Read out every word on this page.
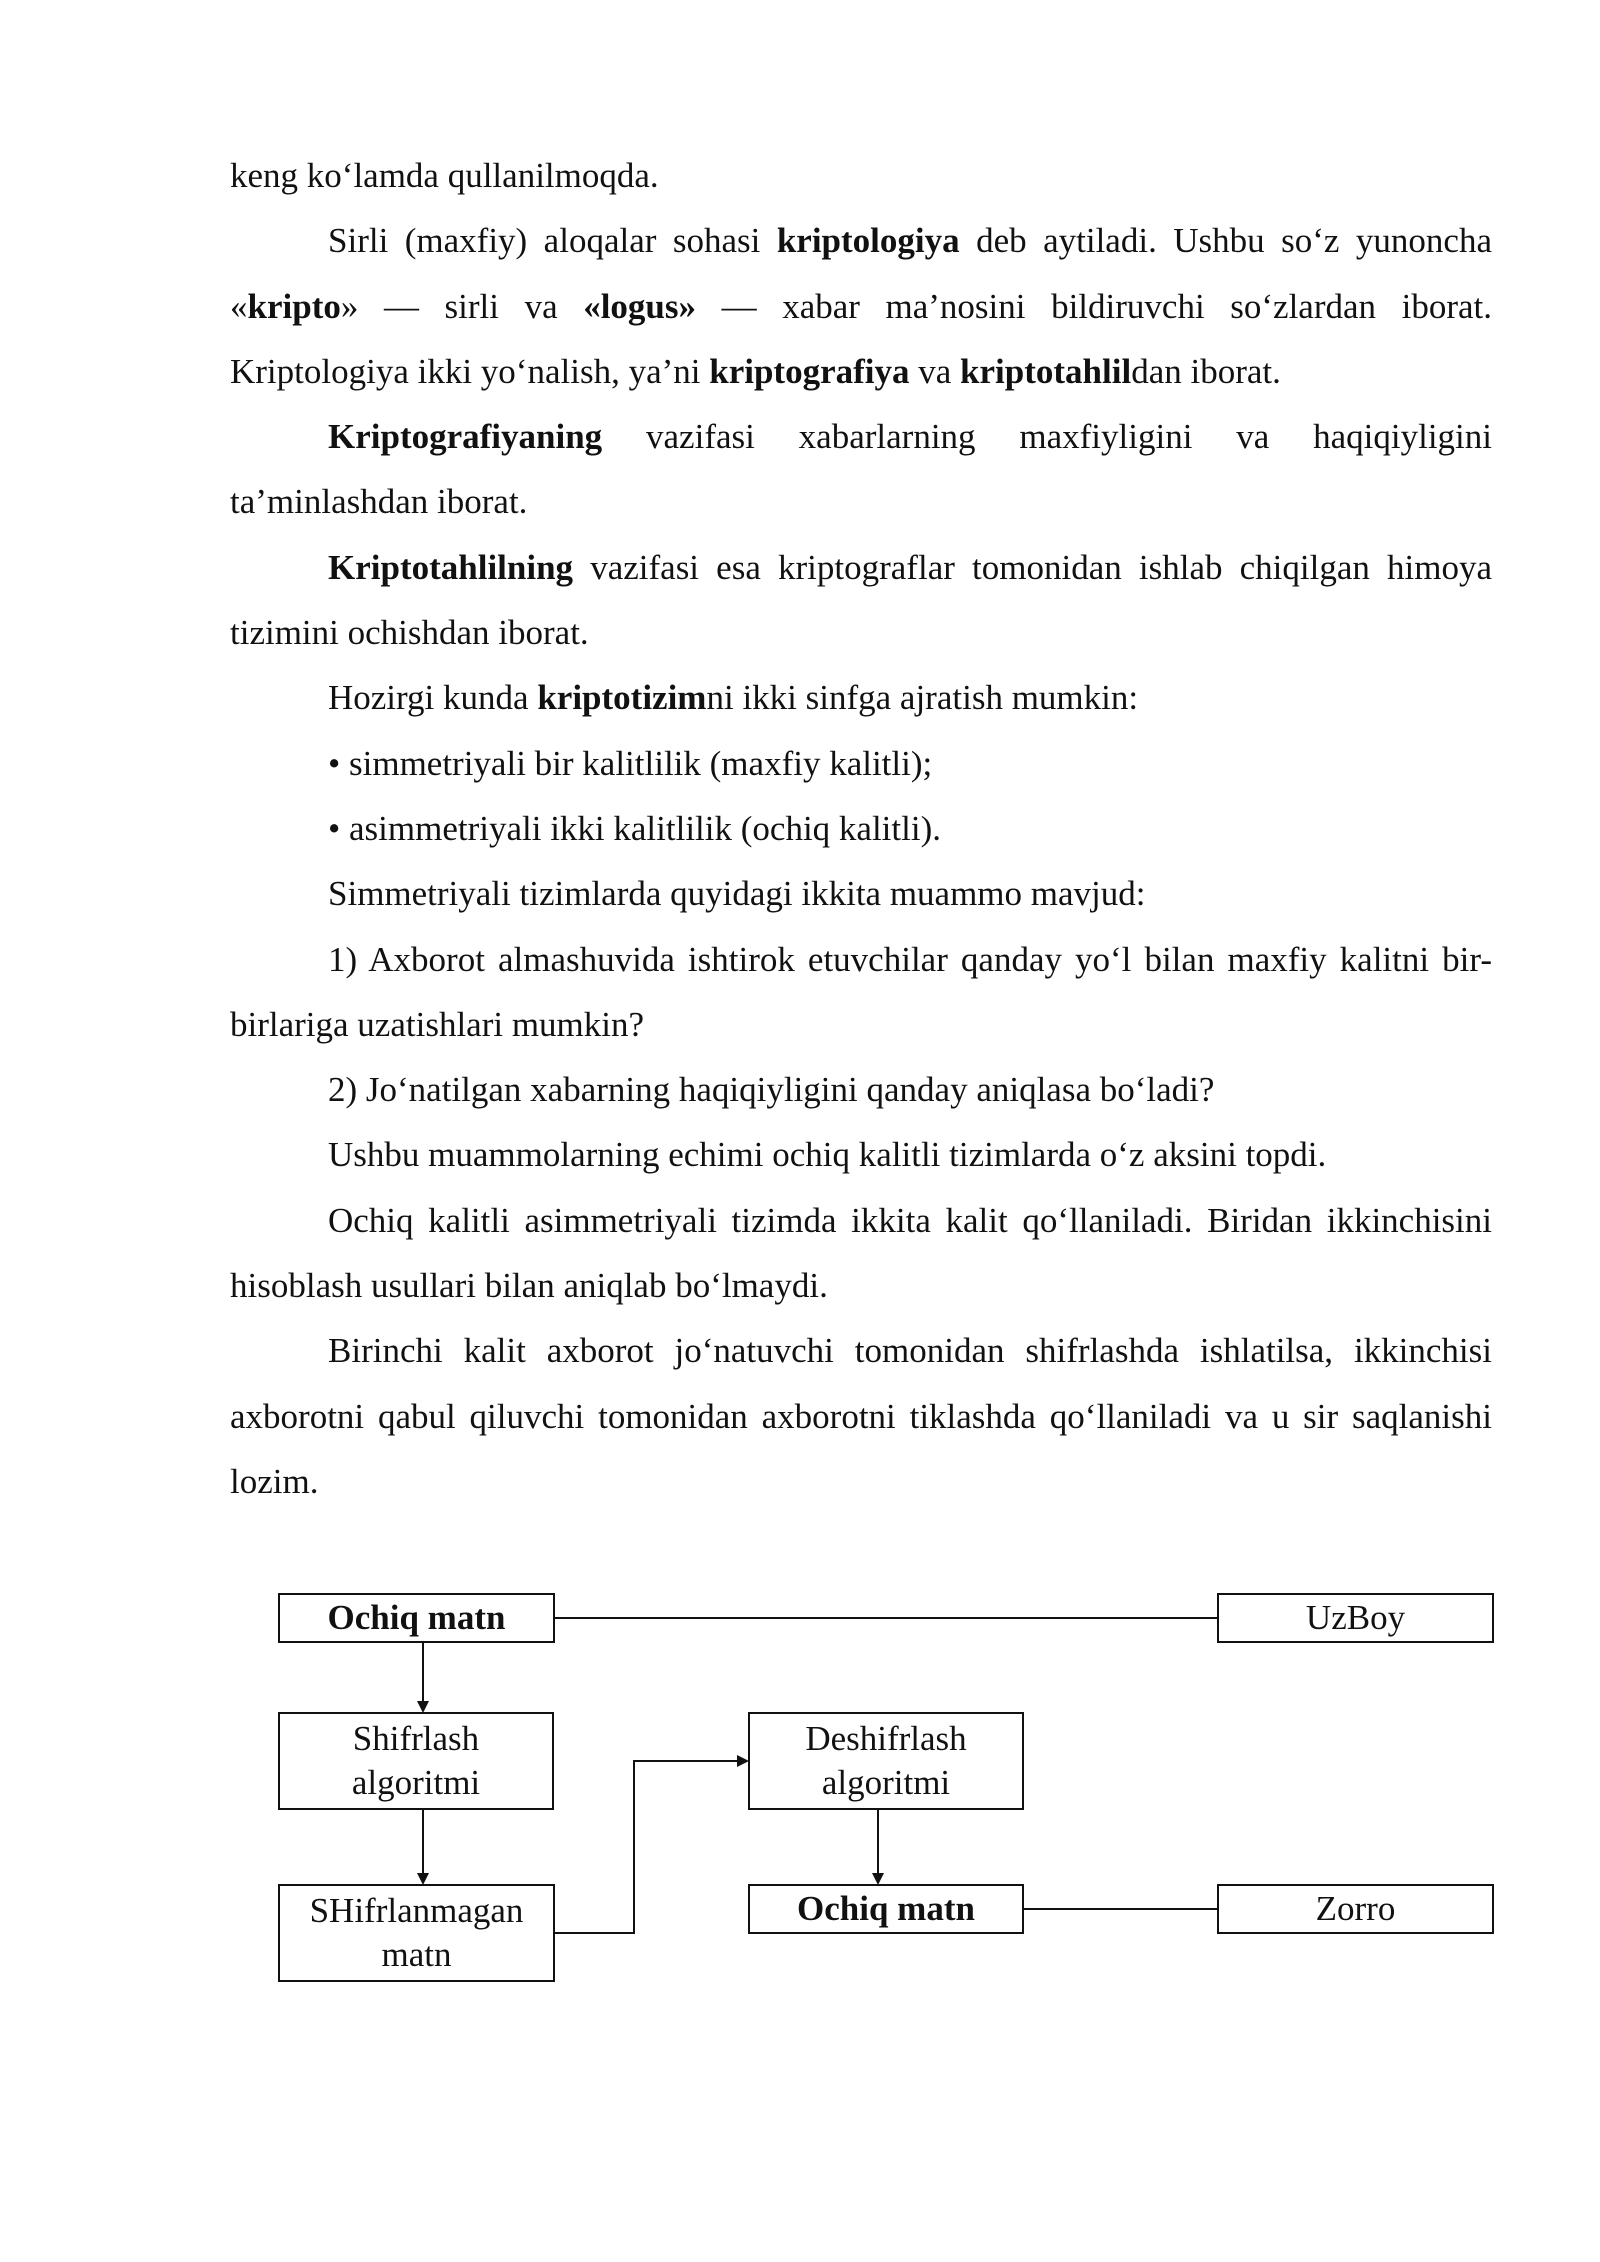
keng ko‘lamda qullanilmoqda.

Sirli (maxfiy) aloqalar sohasi kriptologiya deb aytiladi. Ushbu so‘z yunoncha «kripto» — sirli va «logus» — xabar ma’nosini bildiruvchi so‘zlardan iborat. Kriptologiya ikki yo‘nalish, ya’ni kriptografiya va kriptotahlildan iborat.

Kriptografiyaning vazifasi xabarlarning maxfiyligini va haqiqiyligini ta’minlashdan iborat.

Kriptotahlilning vazifasi esa kriptograflar tomonidan ishlab chiqilgan himoya tizimini ochishdan iborat.

Hozirgi kunda kriptotizimni ikki sinfga ajratish mumkin:

• simmetriyali bir kalitlilik (maxfiy kalitli);

• asimmetriyali ikki kalitlilik (ochiq kalitli).

Simmetriyali tizimlarda quyidagi ikkita muammo mavjud:

1) Axborot almashuvida ishtirok etuvchilar qanday yo‘l bilan maxfiy kalitni bir-birlariga uzatishlari mumkin?

2) Jo‘natilgan xabarning haqiqiyligini qanday aniqlasa bo‘ladi?

Ushbu muammolarning echimi ochiq kalitli tizimlarda o‘z aksini topdi.

Ochiq kalitli asimmetriyali tizimda ikkita kalit qo‘llaniladi. Biridan ikkinchisini hisoblash usullari bilan aniqlab bo‘lmaydi.

Birinchi kalit axborot jo‘natuvchi tomonidan shifrlashda ishlatilsa, ikkinchisi axborotni qabul qiluvchi tomonidan axborotni tiklashda qo‘llaniladi va u sir saqlanishi lozim.

Ochiq matn	UzBoy
Shifrlash
algoritmi
Deshifrlash
algoritmi
SHifrlanmagan
matn
Ochiq matn	Zorro
